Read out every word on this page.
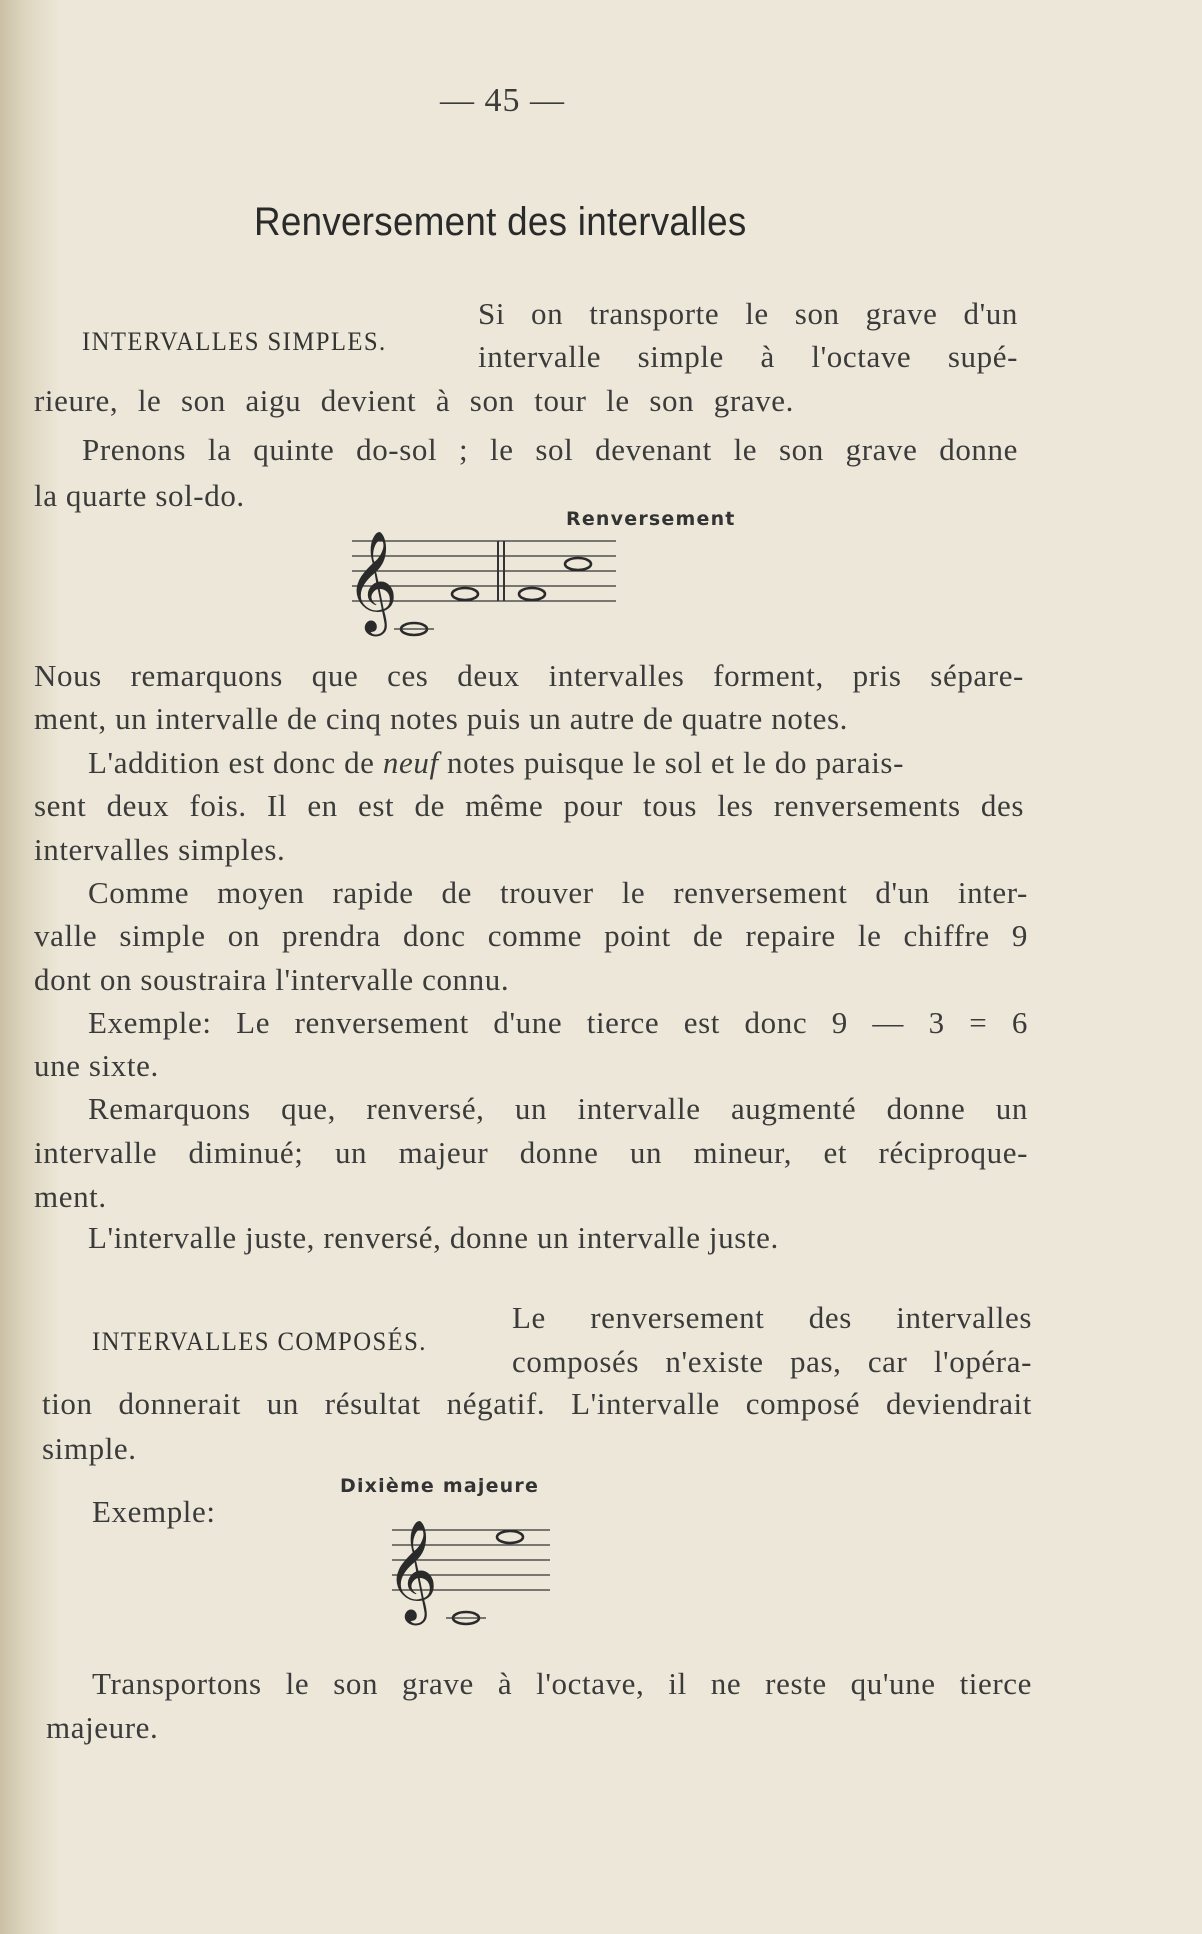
— 45 —
Renversement des intervalles
INTERVALLES SIMPLES.
Si on transporte le son grave d'un
intervalle simple à l'octave supé-
rieure, le son aigu devient à son tour le son grave.
Prenons la quinte do-sol ; le sol devenant le son grave donne
la quarte sol-do.
Renversement
𝄞
Nous remarquons que ces deux intervalles forment, pris sépare-
ment, un intervalle de cinq notes puis un autre de quatre notes.
L'addition est donc de neuf notes puisque le sol et le do parais-
sent deux fois. Il en est de même pour tous les renversements des
intervalles simples.
Comme moyen rapide de trouver le renversement d'un inter-
valle simple on prendra donc comme point de repaire le chiffre 9
dont on soustraira l'intervalle connu.
Exemple: Le renversement d'une tierce est donc 9 — 3 = 6
une sixte.
Remarquons que, renversé, un intervalle augmenté donne un
intervalle diminué; un majeur donne un mineur, et réciproque-
ment.
L'intervalle juste, renversé, donne un intervalle juste.
INTERVALLES COMPOSÉS.
Le renversement des intervalles
composés n'existe pas, car l'opéra-
tion donnerait un résultat négatif. L'intervalle composé deviendrait
simple.
Exemple:
Dixième majeure
𝄞
Transportons le son grave à l'octave, il ne reste qu'une tierce
majeure.
